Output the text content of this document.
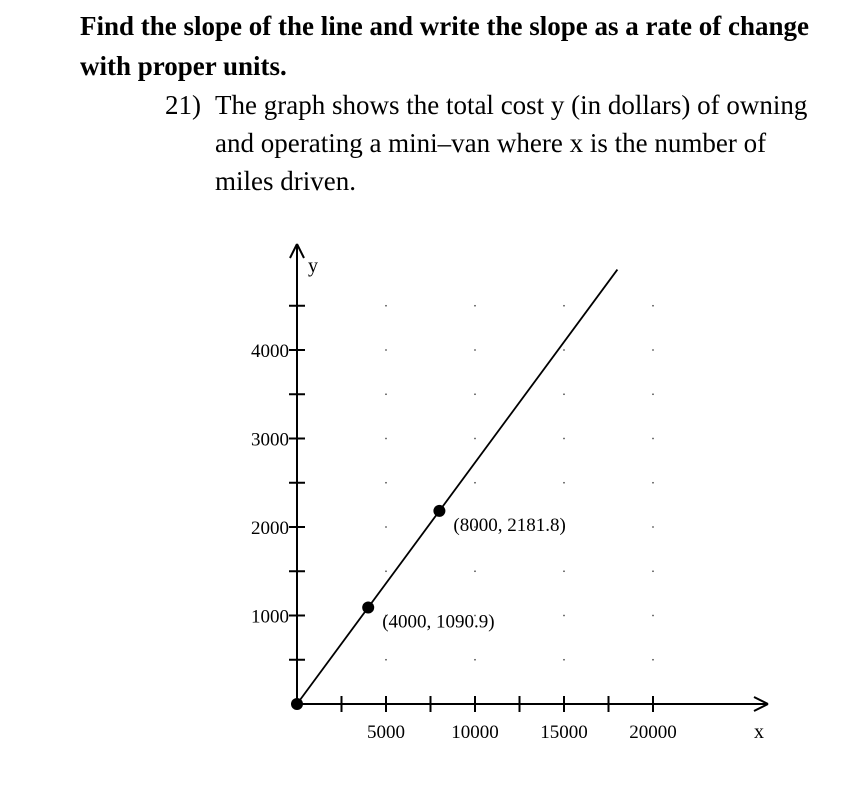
Find the slope of the line and write the slope as a rate of change with proper units.

21) The graph shows the total cost y (in dollars) of owning and operating a mini–van where x is the number of miles driven.
5000 10000 15000 20000
1000
2000
3000
4000
(4000, 1090.9)
(8000, 2181.8)
y
x
